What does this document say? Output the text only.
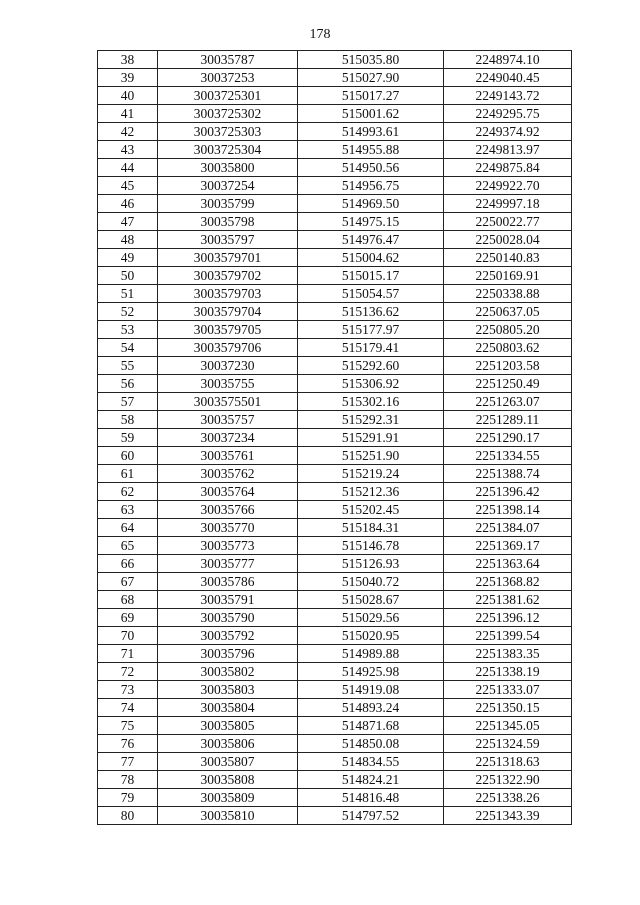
178
38	30035787	515035.80	2248974.10
39	30037253	515027.90	2249040.45
40	3003725301	515017.27	2249143.72
41	3003725302	515001.62	2249295.75
42	3003725303	514993.61	2249374.92
43	3003725304	514955.88	2249813.97
44	30035800	514950.56	2249875.84
45	30037254	514956.75	2249922.70
46	30035799	514969.50	2249997.18
47	30035798	514975.15	2250022.77
48	30035797	514976.47	2250028.04
49	3003579701	515004.62	2250140.83
50	3003579702	515015.17	2250169.91
51	3003579703	515054.57	2250338.88
52	3003579704	515136.62	2250637.05
53	3003579705	515177.97	2250805.20
54	3003579706	515179.41	2250803.62
55	30037230	515292.60	2251203.58
56	30035755	515306.92	2251250.49
57	3003575501	515302.16	2251263.07
58	30035757	515292.31	2251289.11
59	30037234	515291.91	2251290.17
60	30035761	515251.90	2251334.55
61	30035762	515219.24	2251388.74
62	30035764	515212.36	2251396.42
63	30035766	515202.45	2251398.14
64	30035770	515184.31	2251384.07
65	30035773	515146.78	2251369.17
66	30035777	515126.93	2251363.64
67	30035786	515040.72	2251368.82
68	30035791	515028.67	2251381.62
69	30035790	515029.56	2251396.12
70	30035792	515020.95	2251399.54
71	30035796	514989.88	2251383.35
72	30035802	514925.98	2251338.19
73	30035803	514919.08	2251333.07
74	30035804	514893.24	2251350.15
75	30035805	514871.68	2251345.05
76	30035806	514850.08	2251324.59
77	30035807	514834.55	2251318.63
78	30035808	514824.21	2251322.90
79	30035809	514816.48	2251338.26
80	30035810	514797.52	2251343.39
